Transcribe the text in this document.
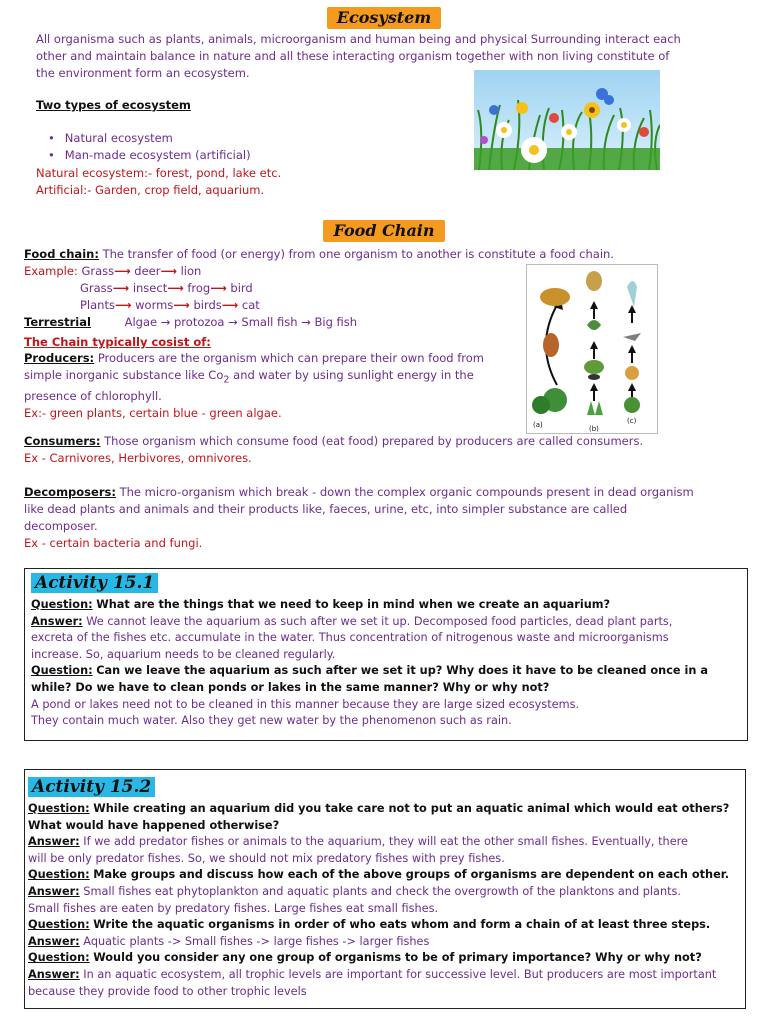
Ecosystem
All organisma such as plants, animals, microorganism and human being and physical Surrounding interact each
other and maintain balance in nature and all these interacting organism together with non living constitute of
the environment form an ecosystem.
Two types of ecosystem
• Natural ecosystem
• Man-made ecosystem (artificial)
Natural ecosystem:- forest, pond, lake etc.
Artificial:- Garden, crop field, aquarium.
Food Chain
Food chain: The transfer of food (or energy) from one organism to another is constitute a food chain.
Example: Grass⟶ deer⟶ lion
Grass⟶ insect⟶ frog⟶ bird
Plants⟶ worms⟶ birds⟶ cat
Terrestrial	Algae → protozoa → Small fish → Big fish
The Chain typically cosist of:
Producers: Producers are the organism which can prepare their own food from
simple inorganic substance like $Co_2$ and water by using sunlight energy in the
presence of chlorophyll.
Ex:- green plants, certain blue - green algae.
(a)	(b)
(c)
Consumers: Those organism which consume food (eat food) prepared by producers are called consumers.
Ex - Carnivores, Herbivores, omnivores.
Decomposers: The micro-organism which break - down the complex organic compounds present in dead organism
like dead plants and animals and their products like, faeces, urine, etc, into simpler substance are called
decomposer.
Ex - certain bacteria and fungi.
Activity 15.1
Question: What are the things that we need to keep in mind when we create an aquarium?
Answer: We cannot leave the aquarium as such after we set it up. Decomposed food particles, dead plant parts,
excreta of the fishes etc. accumulate in the water. Thus concentration of nitrogenous waste and microorganisms
increase. So, aquarium needs to be cleaned regularly.
Question: Can we leave the aquarium as such after we set it up? Why does it have to be cleaned once in a
while? Do we have to clean ponds or lakes in the same manner? Why or why not?
A pond or lakes need not to be cleaned in this manner because they are large sized ecosystems.
They contain much water. Also they get new water by the phenomenon such as rain.
Activity 15.2
Question: While creating an aquarium did you take care not to put an aquatic animal which would eat others?
What would have happened otherwise?
Answer: If we add predator fishes or animals to the aquarium, they will eat the other small fishes. Eventually, there
will be only predator fishes. So, we should not mix predatory fishes with prey fishes.
Question: Make groups and discuss how each of the above groups of organisms are dependent on each other.
Answer: Small fishes eat phytoplankton and aquatic plants and check the overgrowth of the planktons and plants.
Small fishes are eaten by predatory fishes. Large fishes eat small fishes.
Question: Write the aquatic organisms in order of who eats whom and form a chain of at least three steps.
Answer: Aquatic plants -> Small fishes -> large fishes -> larger fishes
Question: Would you consider any one group of organisms to be of primary importance? Why or why not?
Answer: In an aquatic ecosystem, all trophic levels are important for successive level. But producers are most important
because they provide food to other trophic levels
